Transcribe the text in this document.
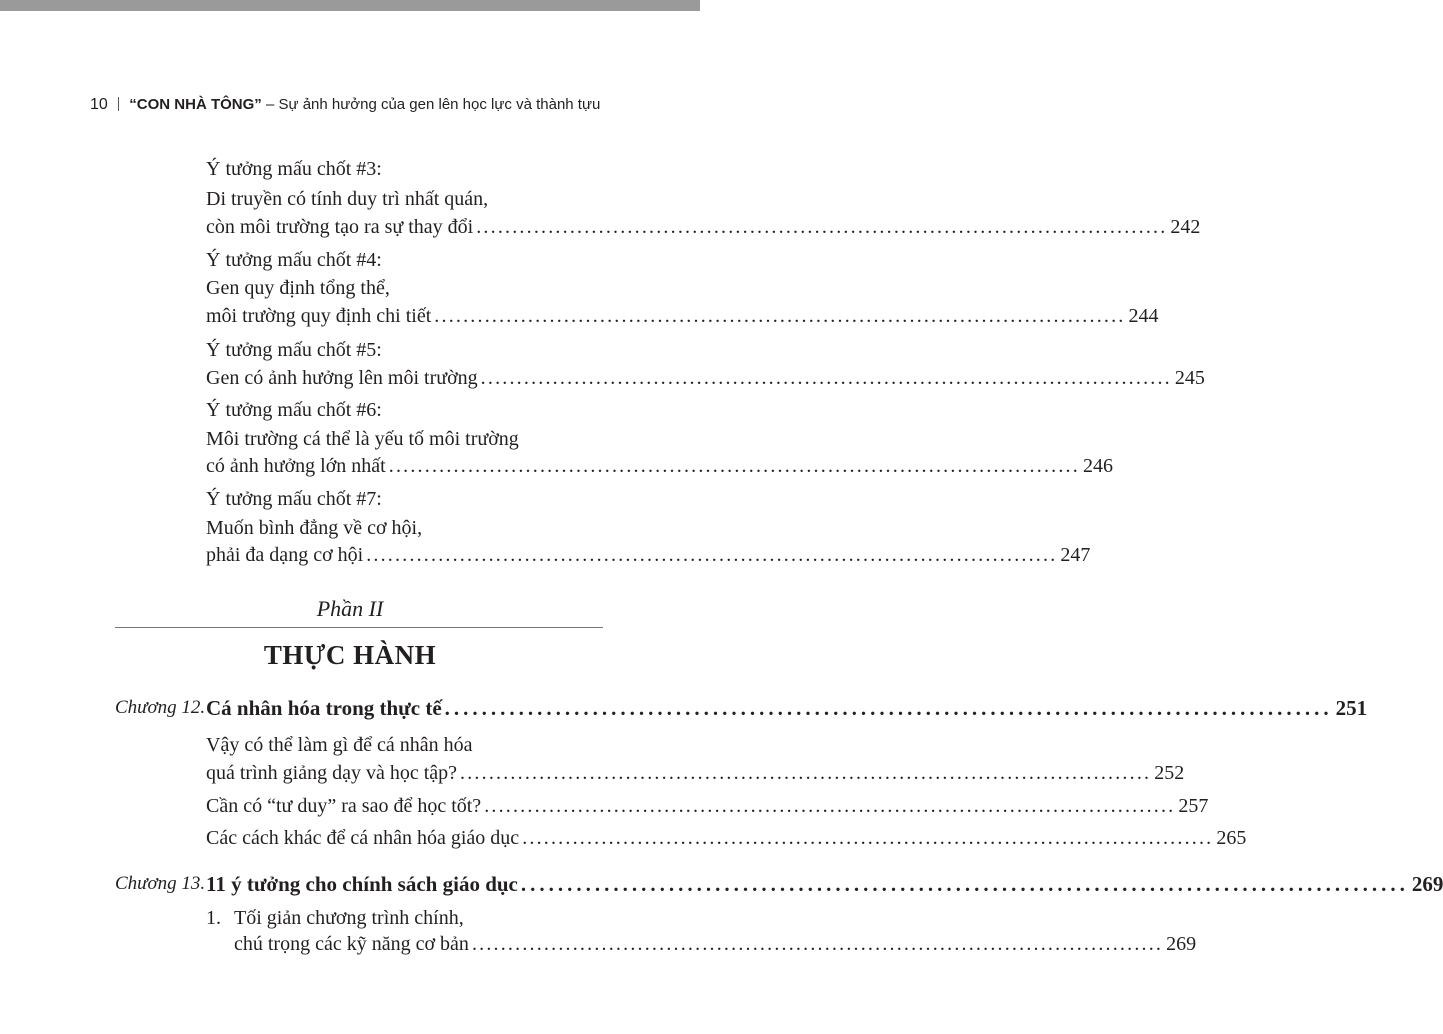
10 “CON NHÀ TÔNG” – Sự ảnh hưởng của gen lên học lực và thành tựu
Ý tưởng mấu chốt #3:
Di truyền có tính duy trì nhất quán,
còn môi trường tạo ra sự thay đổi ................................................................................................ 242
Ý tưởng mấu chốt #4:
Gen quy định tổng thể,
môi trường quy định chi tiết ................................................................................................ 244
Ý tưởng mấu chốt #5:
Gen có ảnh hưởng lên môi trường ................................................................................................ 245
Ý tưởng mấu chốt #6:
Môi trường cá thể là yếu tố môi trường
có ảnh hưởng lớn nhất ................................................................................................ 246
Ý tưởng mấu chốt #7:
Muốn bình đẳng về cơ hội,
phải đa dạng cơ hội ................................................................................................ 247
Phần II
THỰC HÀNH
Chương 12. Cá nhân hóa trong thực tế ................................................................................................ 251
Vậy có thể làm gì để cá nhân hóa
quá trình giảng dạy và học tập? ................................................................................................ 252
Cần có “tư duy” ra sao để học tốt? ................................................................................................ 257
Các cách khác để cá nhân hóa giáo dục ................................................................................................ 265
Chương 13. 11 ý tưởng cho chính sách giáo dục ................................................................................................ 269
1. Tối giản chương trình chính,
chú trọng các kỹ năng cơ bản ................................................................................................ 269
